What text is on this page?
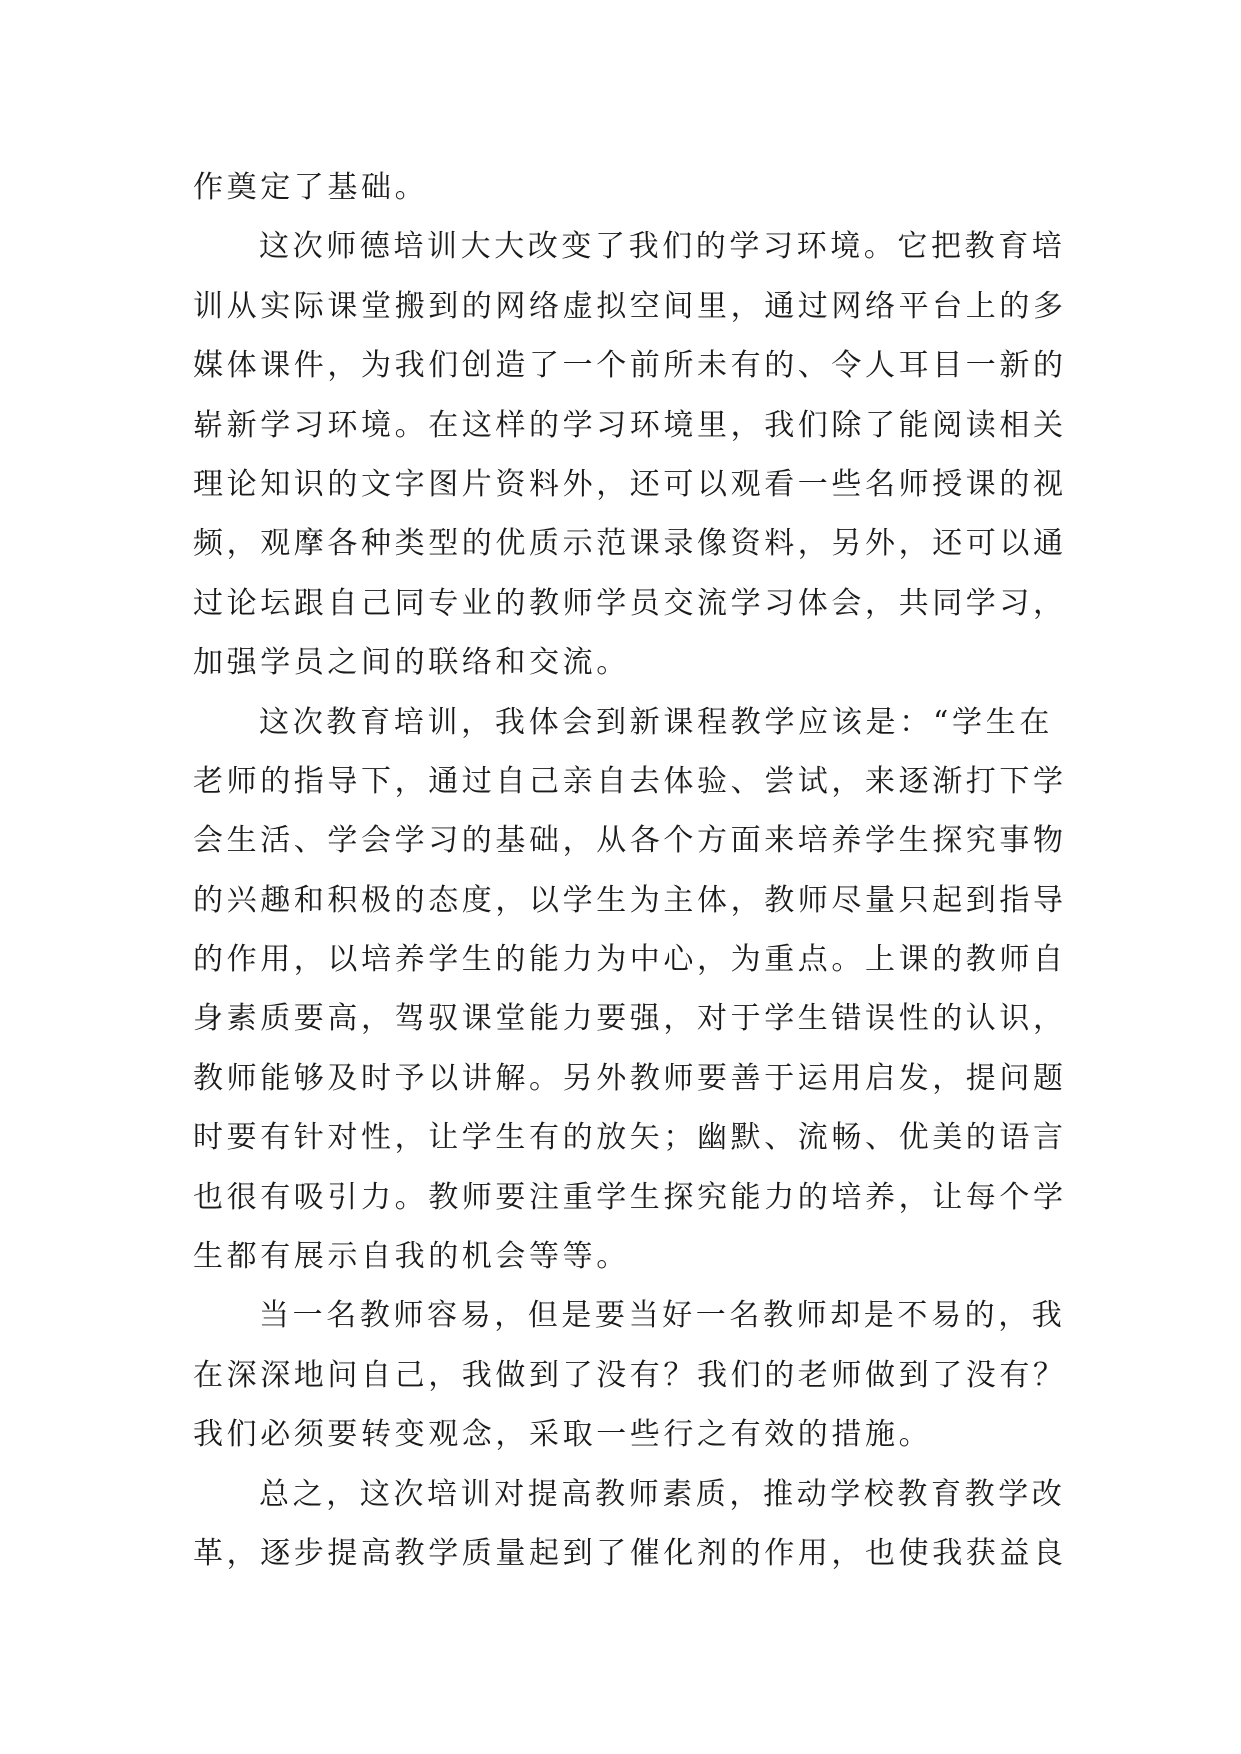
作奠定了基础。
这次师德培训大大改变了我们的学习环境。它把教育培
训从实际课堂搬到的网络虚拟空间里，通过网络平台上的多
媒体课件，为我们创造了一个前所未有的、令人耳目一新的
崭新学习环境。在这样的学习环境里，我们除了能阅读相关
理论知识的文字图片资料外，还可以观看一些名师授课的视
频，观摩各种类型的优质示范课录像资料，另外，还可以通
过论坛跟自己同专业的教师学员交流学习体会，共同学习，
加强学员之间的联络和交流。
这次教育培训，我体会到新课程教学应该是：“学生在
老师的指导下，通过自己亲自去体验、尝试，来逐渐打下学
会生活、学会学习的基础，从各个方面来培养学生探究事物
的兴趣和积极的态度，以学生为主体，教师尽量只起到指导
的作用，以培养学生的能力为中心，为重点。上课的教师自
身素质要高，驾驭课堂能力要强，对于学生错误性的认识，
教师能够及时予以讲解。另外教师要善于运用启发，提问题
时要有针对性，让学生有的放矢；幽默、流畅、优美的语言
也很有吸引力。教师要注重学生探究能力的培养，让每个学
生都有展示自我的机会等等。
当一名教师容易，但是要当好一名教师却是不易的，我
在深深地问自己，我做到了没有？我们的老师做到了没有？
我们必须要转变观念，采取一些行之有效的措施。
总之，这次培训对提高教师素质，推动学校教育教学改
革，逐步提高教学质量起到了催化剂的作用，也使我获益良
